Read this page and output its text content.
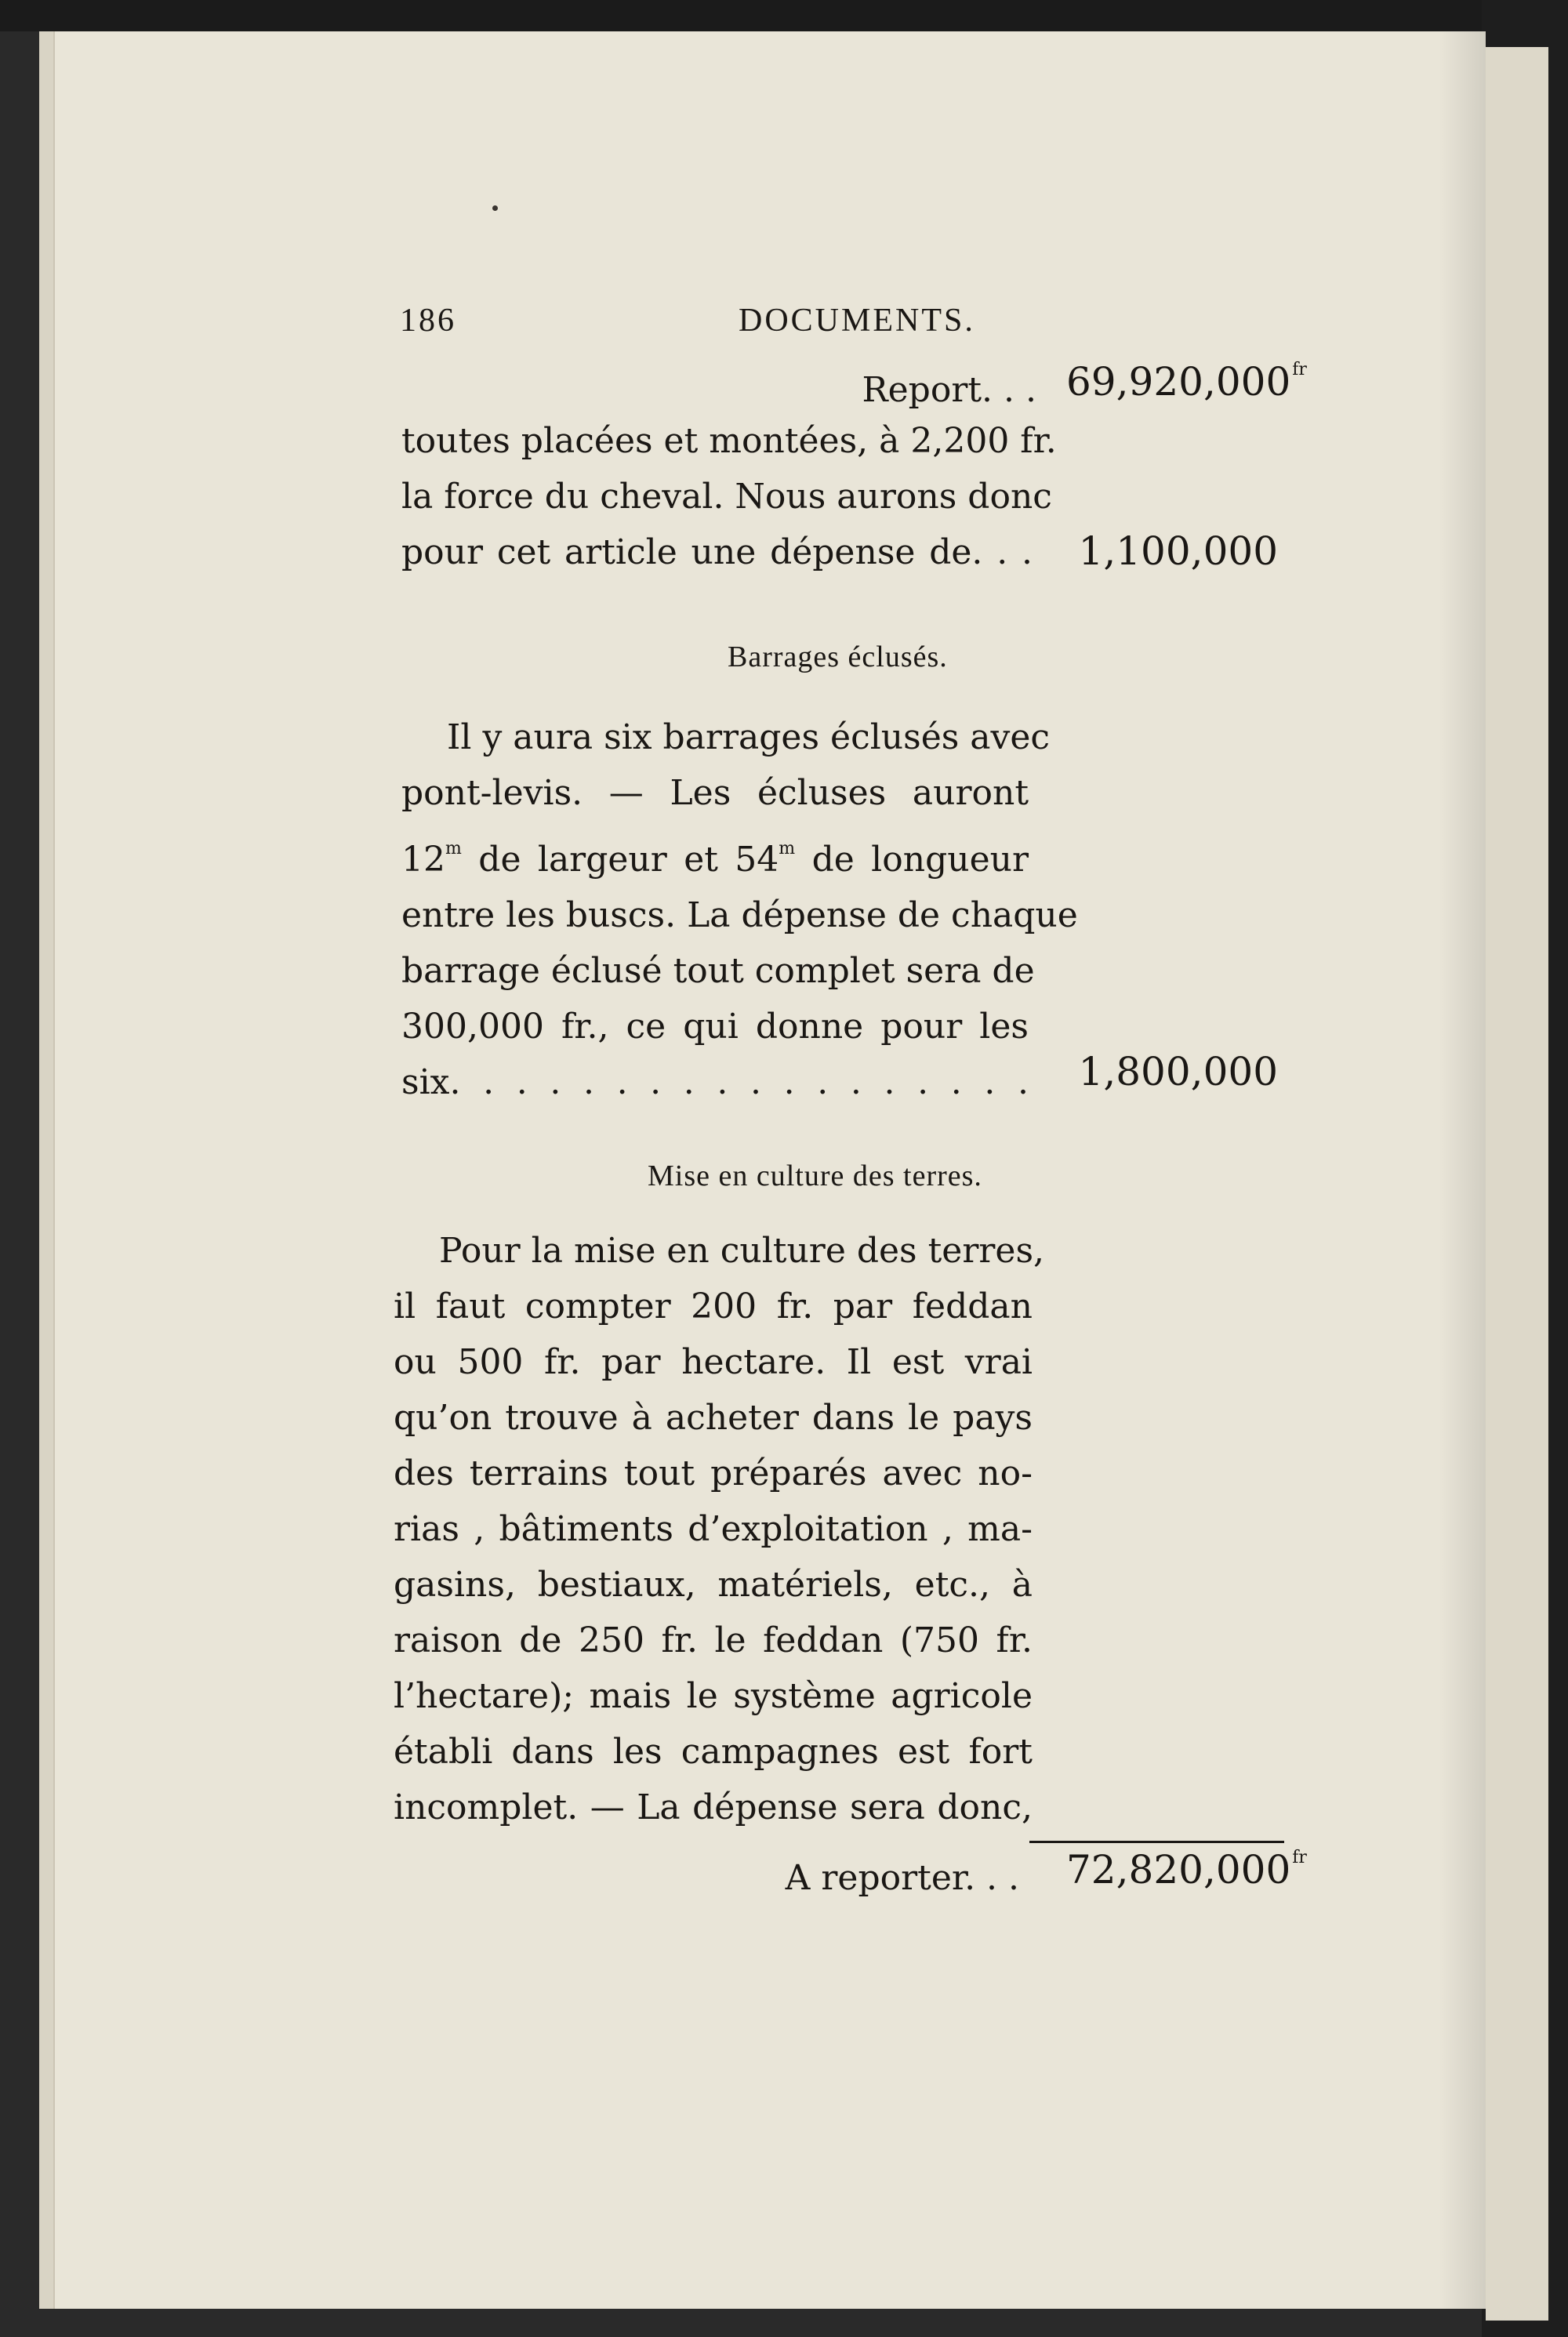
186	DOCUMENTS.
Report. . . $69,920,000^{fr}$
toutes placées et montées, à 2,200 fr.
la force du cheval. Nous aurons donc
pour cet article une dépense de. . .	1,100,000
Barrages éclusés.
Il y aura six barrages éclusés avec
pont-levis. — Les écluses auront
12$^m$ de largeur et 54$^m$ de longueur
entre les buscs. La dépense de chaque
barrage éclusé tout complet sera de
300,000 fr., ce qui donne pour les
six. . . . . . . . . . . . . . . . . .	1,800,000
Mise en culture des terres.
Pour la mise en culture des terres,
il faut compter 200 fr. par feddan
ou 500 fr. par hectare. Il est vrai
qu’on trouve à acheter dans le pays
des terrains tout préparés avec no-
rias , bâtiments d’exploitation , ma-
gasins, bestiaux, matériels, etc., à
raison de 250 fr. le feddan (750 fr.
l’hectare); mais le système agricole
établi dans les campagnes est fort
incomplet. — La dépense sera donc,
A reporter. . . $72,820,000^{fr}$
